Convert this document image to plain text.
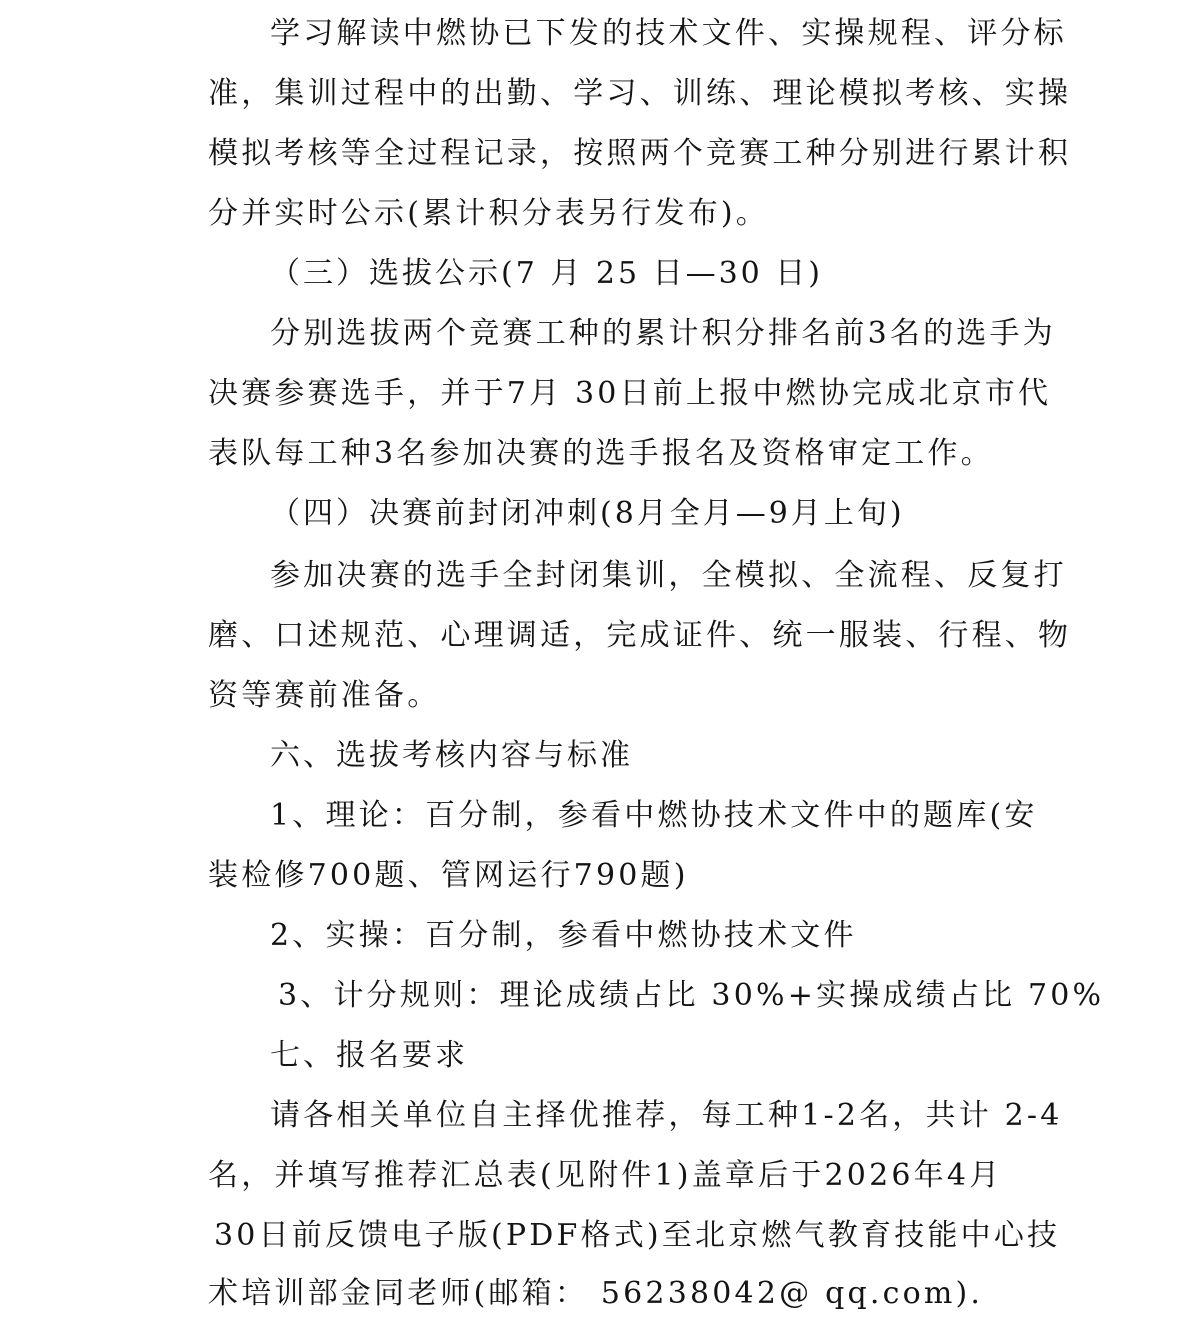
学习解读中燃协已下发的技术文件、实操规程、评分标
准，集训过程中的出勤、学习、训练、理论模拟考核、实操
模拟考核等全过程记录，按照两个竞赛工种分别进行累计积
分并实时公示(累计积分表另行发布)。
（三）选拔公示(7 月 25 日—30 日)
分别选拔两个竞赛工种的累计积分排名前3名的选手为
决赛参赛选手，并于7月 30日前上报中燃协完成北京市代
表队每工种3名参加决赛的选手报名及资格审定工作。
（四）决赛前封闭冲刺(8月全月—9月上旬)
参加决赛的选手全封闭集训，全模拟、全流程、反复打
磨、口述规范、心理调适，完成证件、统一服装、行程、物
资等赛前准备。
六、选拔考核内容与标准
1、理论：百分制，参看中燃协技术文件中的题库(安
装检修700题、管网运行790题)
2、实操：百分制，参看中燃协技术文件
3、计分规则：理论成绩占比 30%+实操成绩占比 70%
七、报名要求
请各相关单位自主择优推荐，每工种1-2名，共计 2-4
名，并填写推荐汇总表(见附件1)盖章后于2026年4月
30日前反馈电子版(PDF格式)至北京燃气教育技能中心技
术培训部金同老师(邮箱： 56238042@ qq.com).
